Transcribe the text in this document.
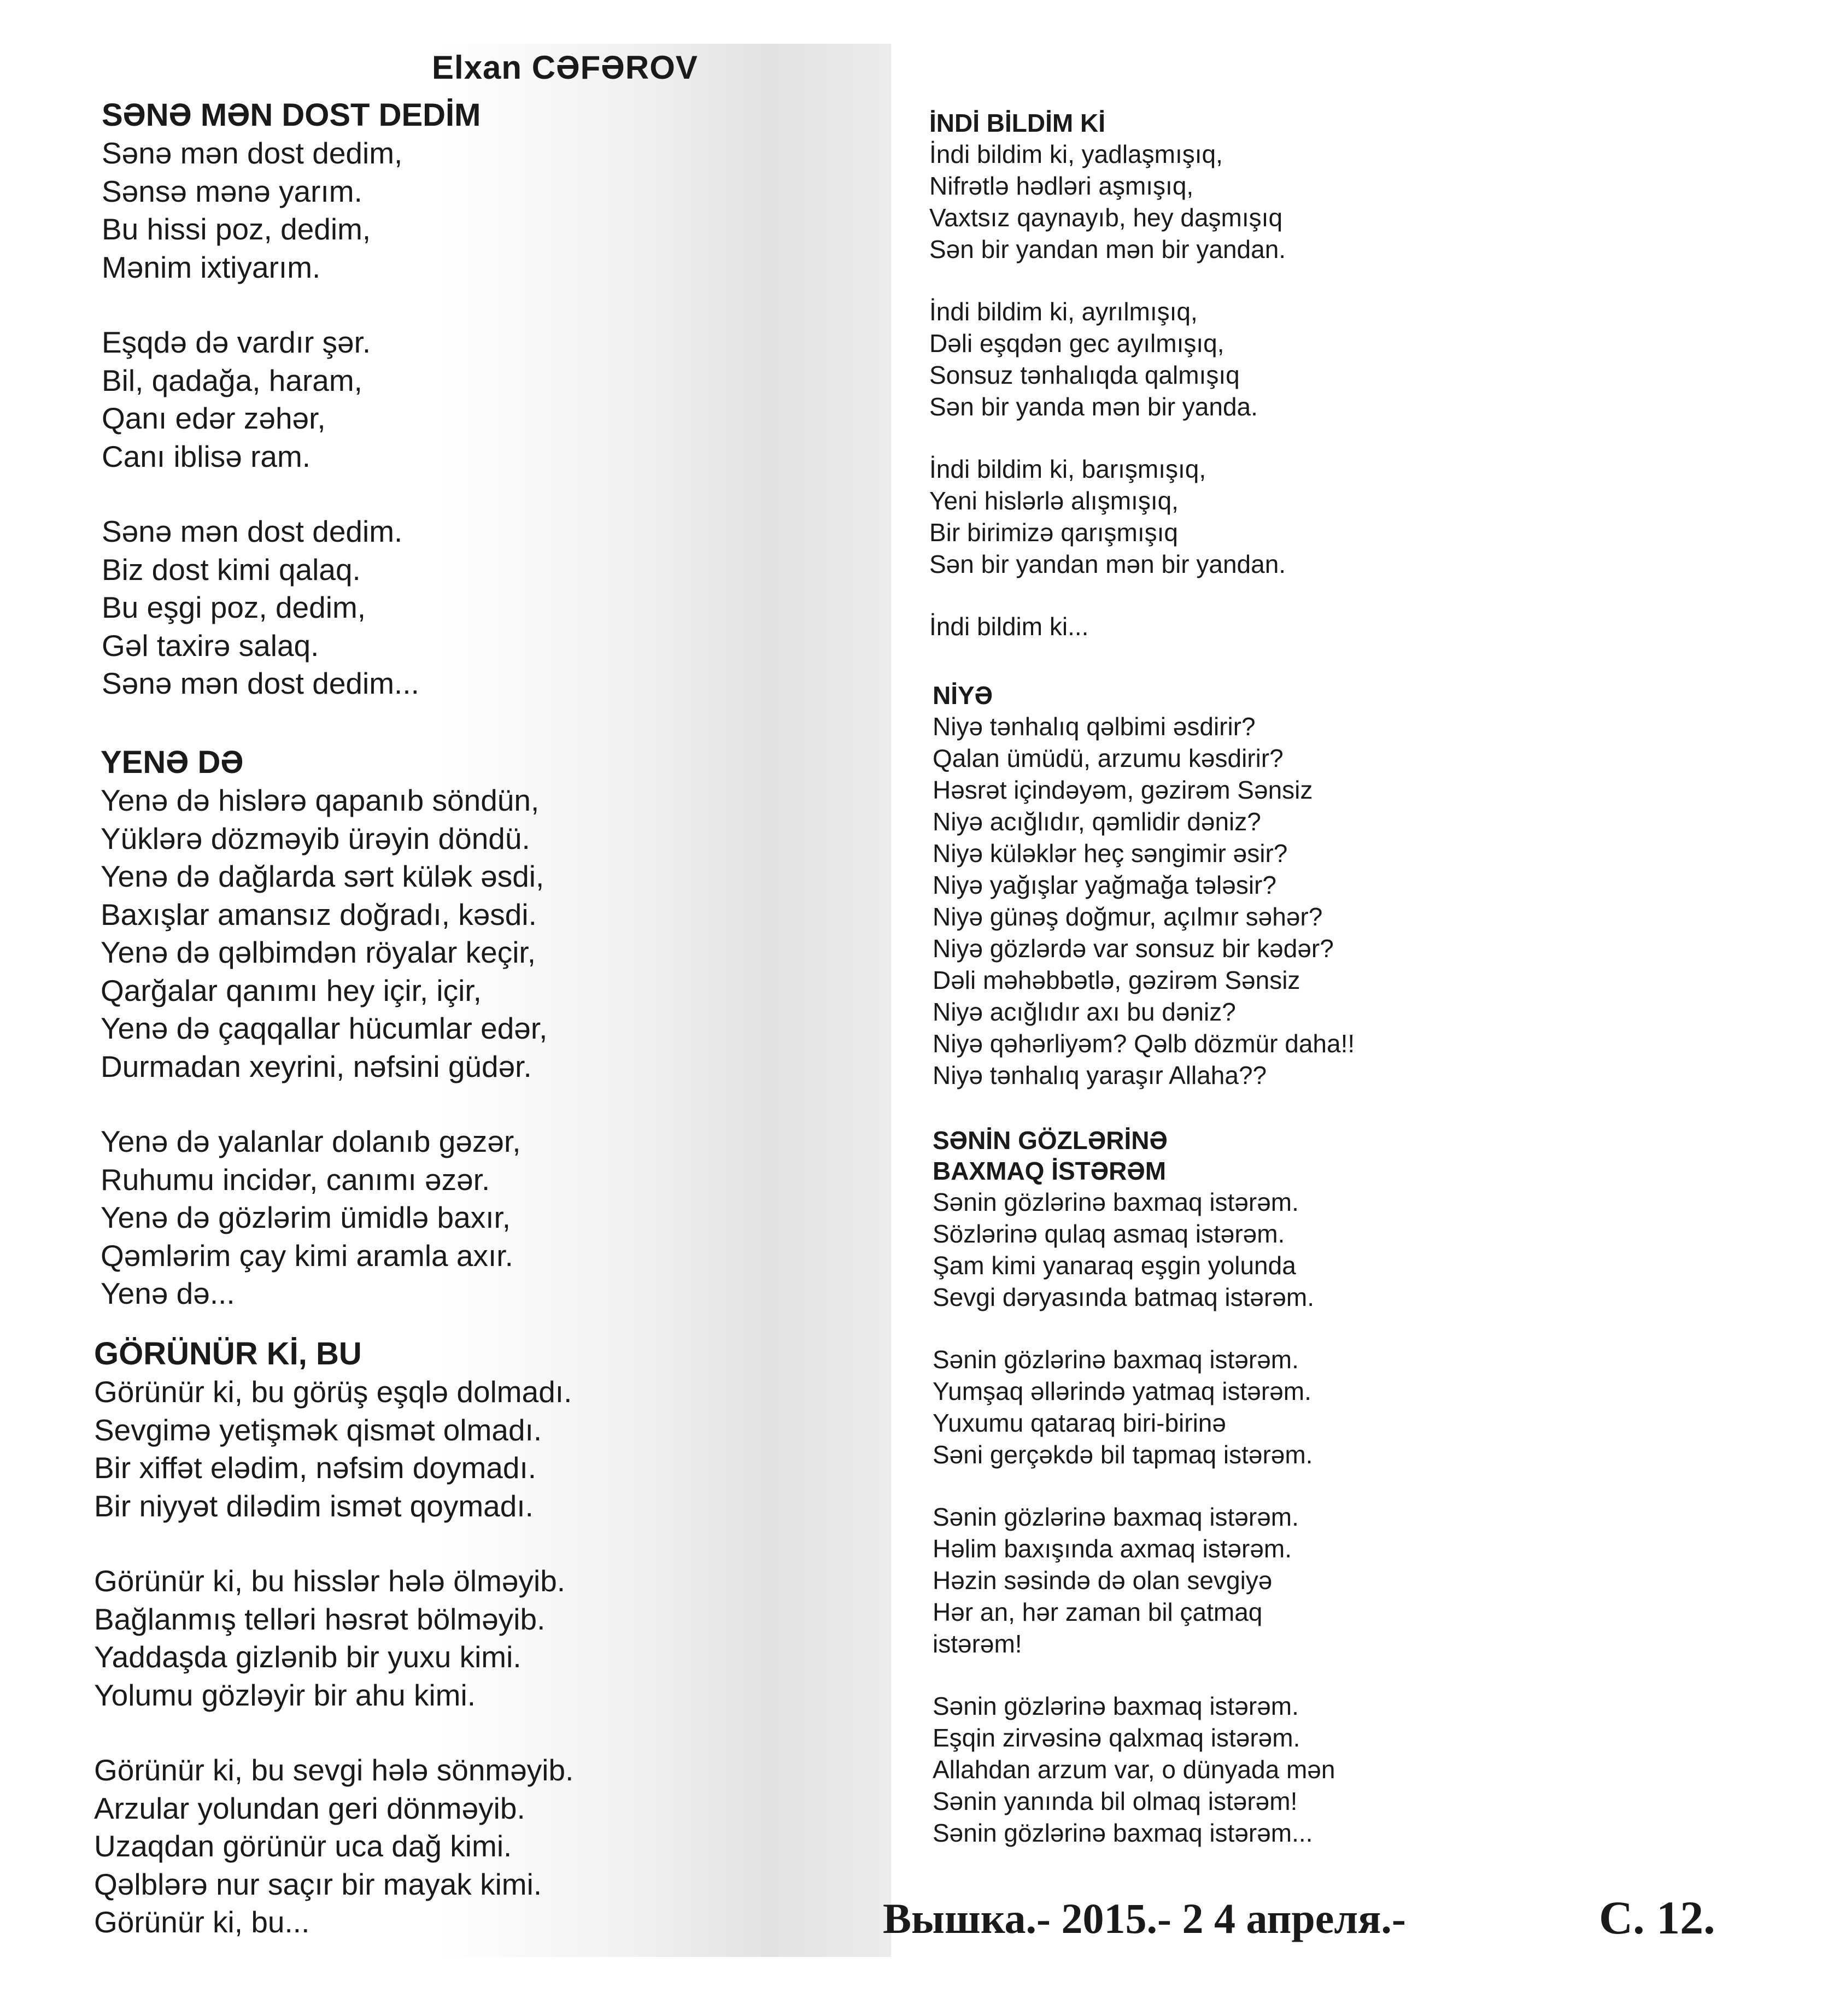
Elxan CƏFƏROV
SƏNƏ MƏN DOST DEDİM
Sənə mən dost dedim,
Sənsə mənə yarım.
Bu hissi poz, dedim,
Mənim ixtiyarım.
Eşqdə də vardır şər.
Bil, qadağa, haram,
Qanı edər zəhər,
Canı iblisə ram.
Sənə mən dost dedim.
Biz dost kimi qalaq.
Bu eşgi poz, dedim,
Gəl taxirə salaq.
Sənə mən dost dedim...
YENƏ DƏ
Yenə də hislərə qapanıb söndün,
Yüklərə dözməyib ürəyin döndü.
Yenə də dağlarda sərt külək əsdi,
Baxışlar amansız doğradı, kəsdi.
Yenə də qəlbimdən röyalar keçir,
Qarğalar qanımı hey içir, içir,
Yenə də çaqqallar hücumlar edər,
Durmadan xeyrini, nəfsini güdər.
Yenə də yalanlar dolanıb gəzər,
Ruhumu incidər, canımı əzər.
Yenə də gözlərim ümidlə baxır,
Qəmlərim çay kimi aramla axır.
Yenə də...
GÖRÜNÜR Kİ, BU
Görünür ki, bu görüş eşqlə dolmadı.
Sevgimə yetişmək qismət olmadı.
Bir xiffət elədim, nəfsim doymadı.
Bir niyyət dilədim ismət qoymadı.
Görünür ki, bu hisslər hələ ölməyib.
Bağlanmış telləri həsrət bölməyib.
Yaddaşda gizlənib bir yuxu kimi.
Yolumu gözləyir bir ahu kimi.
Görünür ki, bu sevgi hələ sönməyib.
Arzular yolundan geri dönməyib.
Uzaqdan görünür uca dağ kimi.
Qəlblərə nur saçır bir mayak kimi.
Görünür ki, bu...
İNDİ BİLDİM Kİ
İndi bildim ki, yadlaşmışıq,
Nifrətlə hədləri aşmışıq,
Vaxtsız qaynayıb, hey daşmışıq
Sən bir yandan mən bir yandan.
İndi bildim ki, ayrılmışıq,
Dəli eşqdən gec ayılmışıq,
Sonsuz tənhalıqda qalmışıq
Sən bir yanda mən bir yanda.
İndi bildim ki, barışmışıq,
Yeni hislərlə alışmışıq,
Bir birimizə qarışmışıq
Sən bir yandan mən bir yandan.
İndi bildim ki...
NİYƏ
Niyə tənhalıq qəlbimi əsdirir?
Qalan ümüdü, arzumu kəsdirir?
Həsrət içindəyəm, gəzirəm Sənsiz
Niyə acığlıdır, qəmlidir dəniz?
Niyə küləklər heç səngimir əsir?
Niyə yağışlar yağmağa tələsir?
Niyə günəş doğmur, açılmır səhər?
Niyə gözlərdə var sonsuz bir kədər?
Dəli məhəbbətlə, gəzirəm Sənsiz
Niyə acığlıdır axı bu dəniz?
Niyə qəhərliyəm? Qəlb dözmür daha!!
Niyə tənhalıq yaraşır Allaha??
SƏNİN GÖZLƏRİNƏ
BAXMAQ İSTƏRƏM
Sənin gözlərinə baxmaq istərəm.
Sözlərinə qulaq asmaq istərəm.
Şam kimi yanaraq eşgin yolunda
Sevgi dəryasında batmaq istərəm.
Sənin gözlərinə baxmaq istərəm.
Yumşaq əllərində yatmaq istərəm.
Yuxumu qataraq biri-birinə
Səni gerçəkdə bil tapmaq istərəm.
Sənin gözlərinə baxmaq istərəm.
Həlim baxışında axmaq istərəm.
Həzin səsində də olan sevgiyə
Hər an, hər zaman bil çatmaq
istərəm!
Sənin gözlərinə baxmaq istərəm.
Eşqin zirvəsinə qalxmaq istərəm.
Allahdan arzum var, o dünyada mən
Sənin yanında bil olmaq istərəm!
Sənin gözlərinə baxmaq istərəm...
Вышка.- 2015.- 2 4 апреля.-	С. 12.
